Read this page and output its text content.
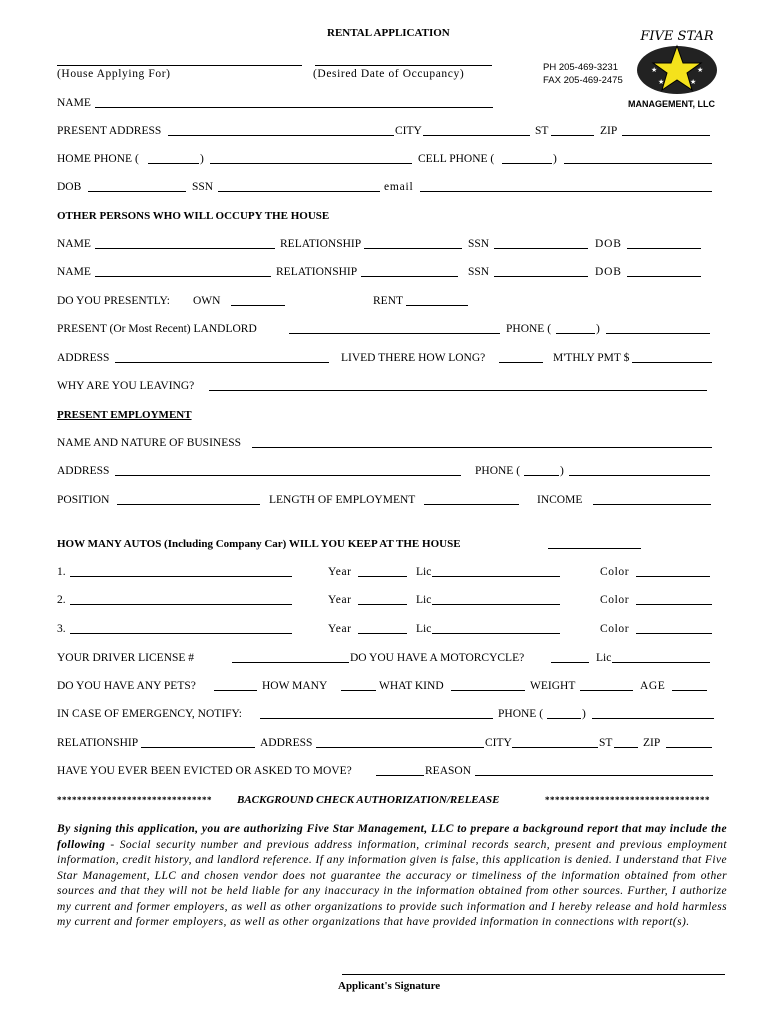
RENTAL APPLICATION
(House Applying For)	(Desired Date of Occupancy)
PH 205-469-3231
FAX 205-469-2475
FIVE STAR
★	★
★	★
MANAGEMENT, LLC
NAME
PRESENT ADDRESS	CITY	ST	ZIP
HOME PHONE (	)	CELL PHONE (	)
DOB	SSN	email
OTHER PERSONS WHO WILL OCCUPY THE HOUSE
NAME	RELATIONSHIP	SSN	DOB
NAME	RELATIONSHIP	SSN	DOB
DO YOU PRESENTLY: OWN	RENT
PRESENT (Or Most Recent) LANDLORD	PHONE (	)
ADDRESS	LIVED THERE HOW LONG?	M'THLY PMT $
WHY ARE YOU LEAVING?
PRESENT EMPLOYMENT
NAME AND NATURE OF BUSINESS
ADDRESS	PHONE (	)
POSITION	LENGTH OF EMPLOYMENT	INCOME
HOW MANY AUTOS (Including Company Car) WILL YOU KEEP AT THE HOUSE
1.	Year	Lic	Color
2.	Year	Lic	Color
3.	Year	Lic	Color
YOUR DRIVER LICENSE #	DO YOU HAVE A MOTORCYCLE?	Lic
DO YOU HAVE ANY PETS?	HOW MANY	WHAT KIND	WEIGHT	AGE
IN CASE OF EMERGENCY, NOTIFY:	PHONE (	)
RELATIONSHIP	ADDRESS	CITY	ST	ZIP
HAVE YOU EVER BEEN EVICTED OR ASKED TO MOVE?	REASON
******************************* BACKGROUND CHECK AUTHORIZATION/RELEASE	*********************************
By signing this application, you are authorizing Five Star Management, LLC to prepare a background report that may include the following - Social security number and previous address information, criminal records search, present and previous employment information, credit history, and landlord reference. If any information given is false, this application is denied. I understand that Five Star Management, LLC and chosen vendor does not guarantee the accuracy or timeliness of the information obtained from other sources and that they will not be held liable for any inaccuracy in the information obtained from other sources. Further, I authorize my current and former employers, as well as other organizations to provide such information and I hereby release and hold harmless my current and former employers, as well as other organizations that have provided information in connections with report(s).
Applicant's Signature
